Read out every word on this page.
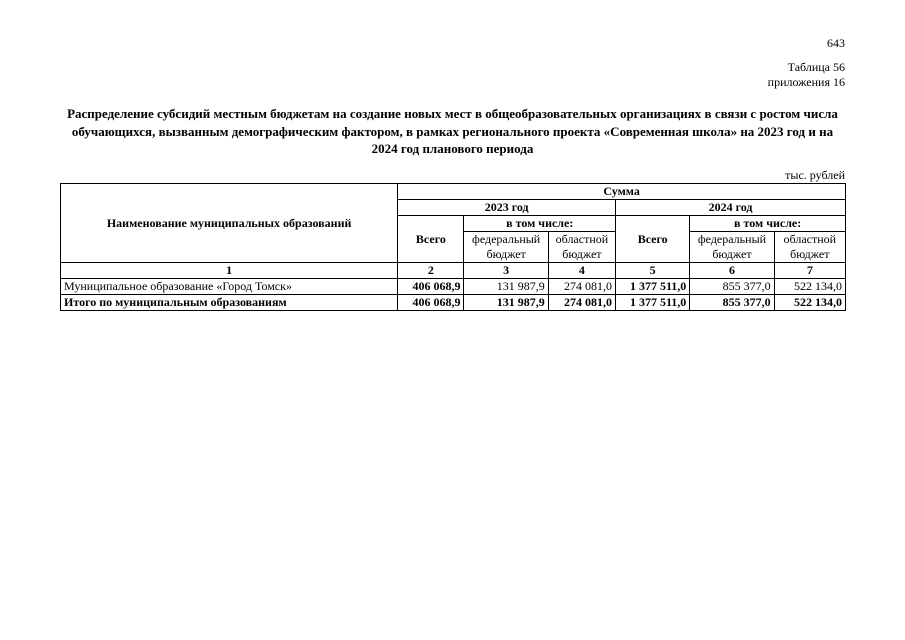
643
Таблица 56
приложения 16
Распределение субсидий местным бюджетам на создание новых мест в общеобразовательных организациях в связи с ростом числа обучающихся, вызванным демографическим фактором, в рамках регионального проекта «Современная школа» на 2023 год и на 2024 год планового периода
тыс. рублей
Наименование муниципальных образований	Сумма					
	2023 год			2024 год		
	Всего	в том числе:		Всего	в том числе:	
		федеральный бюджет	областной бюджет		федеральный бюджет	областной бюджет
1	2	3	4	5	6	7
Муниципальное образование «Город Томск»	406 068,9	131 987,9	274 081,0	1 377 511,0	855 377,0	522 134,0
Итого по муниципальным образованиям	406 068,9	131 987,9	274 081,0	1 377 511,0	855 377,0	522 134,0
